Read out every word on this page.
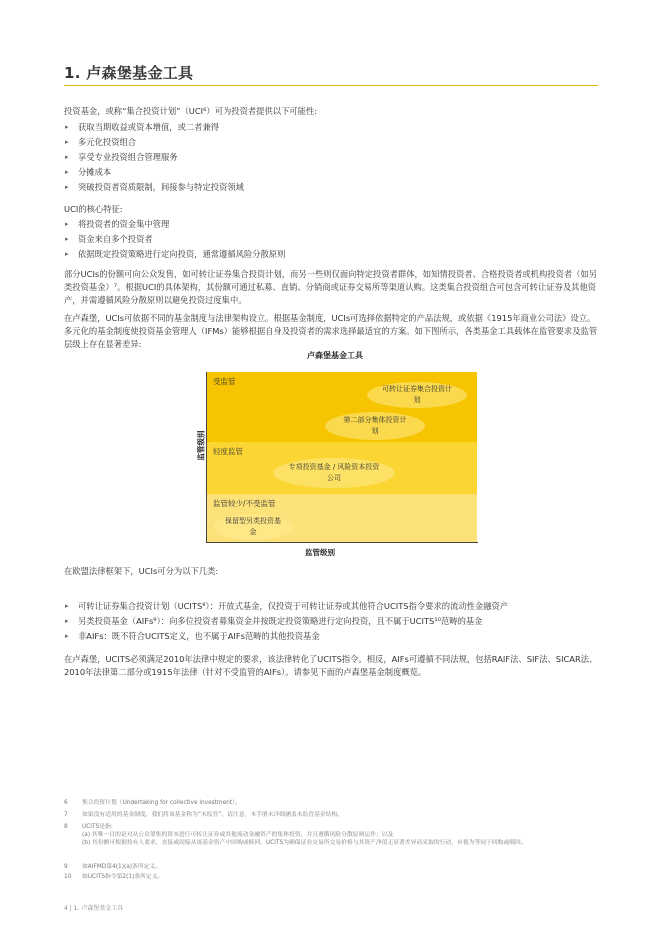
1. 卢森堡基金工具
投资基金，或称“集合投资计划”（UCI⁶）可为投资者提供以下可能性:
▸ 获取当期收益或资本增值，或二者兼得
▸ 多元化投资组合
▸ 享受专业投资组合管理服务
▸ 分摊成本
▸ 突破投资者资质限制，间接参与特定投资领域
UCI的核心特征:
▸ 将投资者的资金集中管理
▸ 资金来自多个投资者
▸ 依据既定投资策略进行定向投资，通常遵循风险分散原则
部分UCIs的份额可向公众发售，如可转让证券集合投资计划，而另一些则仅面向特定投资者群体，如知情投资者、合格投资者或机构投资者（如另类投资基金）⁷。根据UCI的具体架构，其份额可通过私募、直销、分销商或证券交易所等渠道认购。这类集合投资组合可包含可转让证券及其他资产，并需遵循风险分散原则以避免投资过度集中。
在卢森堡，UCIs可依据不同的基金制度与法律架构设立。根据基金制度，UCIs可选择依据特定的产品法规，或依据《1915年商业公司法》设立。多元化的基金制度使投资基金管理人（IFMs）能够根据自身及投资者的需求选择最适宜的方案。如下图所示，各类基金工具载体在监管要求及监管层级上存在显著差异:
卢森堡基金工具
受监管
轻度监管
监管较少/不受监管
可转让证券集合投资计划
第二部分集体投资计划
专项投资基金 / 风险资本投资公司
保留型另类投资基金
监管级别
监管级别
在欧盟法律框架下，UCIs可分为以下几类:
▸ 可转让证券集合投资计划（UCITS⁸）：开放式基金，仅投资于可转让证券或其他符合UCITS指令要求的流动性金融资产
▸ 另类投资基金（AIFs⁹）：向多位投资者募集资金并按既定投资策略进行定向投资，且不属于UCITS¹⁰范畴的基金
▸ 非AIFs：既不符合UCITS定义，也不属于AIFs范畴的其他投资基金
在卢森堡，UCITS必须满足2010年法律中规定的要求，该法律转化了UCITS指令。相反，AIFs可遵循不同法规，包括RAIF法、SIF法、SICAR法、2010年法律第二部分或1915年法律（针对不受监管的AIFs）。请参见下面的卢森堡基金制度概览。
6 集合投资计划（Undertaking for collective investment）。
7 如果没有适用的基金制度，我们将该基金称为“未监管”。请注意，本手册未详细涵盖未监管基金结构。
8 UCITS是指:
(a) 其唯一目的是对从公众筹集的资本进行可转让证券或其他流动金融资产的集体投资，并且遵循风险分散原则运作；以及
(b) 其份额可根据持有人要求，直接或间接从该基金资产中回购或赎回。UCITS为确保证券交易所交易价格与其资产净值无显著差异而采取的行动，应视为等同于回购或赎回。
9 如AIFMD第4(1)(a)条所定义。
10 如UCITS指令第2(1)条所定义。
4 | 1. 卢森堡基金工具
